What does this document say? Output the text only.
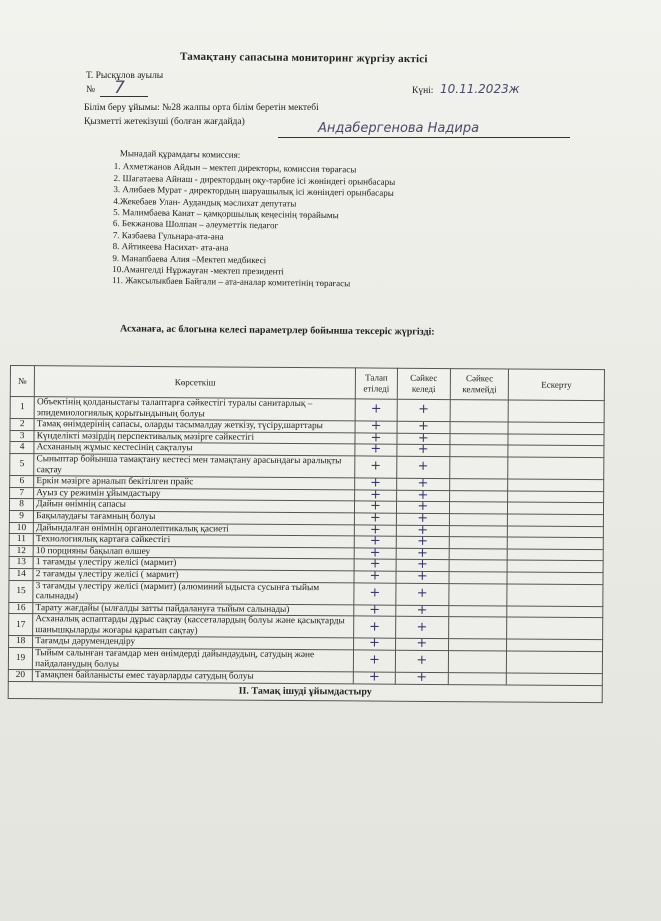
Тамақтану сапасына мониторинг жүргізу актісі
Т. Рысқұлов ауылы
№ 7	Күні: 10.11.2023ж
Білім беру ұйымы: №28 жалпы орта білім беретін мектебі
Қызметті жетекізуші (болған жағдайда)	Андабергенова Надира
Мынадай құрамдағы комиссия:
1. Ахметжанов Айдын – мектеп директоры, комиссия төрағасы
2. Шагатаева Айнаш - директордың оқу-тәрбие ісі жөніндегі орынбасары
3. Алибаев Мурат - директордың шаруашылық ісі жөніндегі орынбасары
4.Жекебаев Улан- Аудандық мәслихат депутаты
5. Малимбаева Канат – қамқоршылық кеңесінің төрайымы
6. Бекжанова Шолпан – әлеуметтік педагог
7. Казбаева Гульнара-ата-ана
8. Айтикеева Насихат- ата-ана
9. Манапбаева Алия –Мектеп медбикесі
10.Амангелді Нұржауған -мектеп президенті
11. Жаксылыкбаев Байгали – ата-аналар комитетінің төрағасы
Асханаға, ас блогына келесі параметрлер бойынша тексеріс жүргізді:
№	Көрсеткіш	Талап етіледі	Сәйкес келеді	Сәйкес келмейді	Ескерту
1	Объектінің қолданыстағы талаптарға сәйкестігі туралы санитарлық – эпидемиологиялық қорытындының болуы	+	+		
2	Тамақ өнімдерінің сапасы, оларды тасымалдау жеткізу, түсіру,шарттары	+	+		
3	Күнделікті мәзірдің перспективалық мәзірге сәйкестігі	+	+		
4	Асхананың жұмыс кестесінің сақталуы	+	+		
5	Сыныптар бойынша тамақтану кестесі мен тамақтану арасындағы аралықты сақтау	+	+		
6	Еркін мәзірге арналып бекітілген прайс	+	+		
7	Ауыз су режимін ұйымдастыру	+	+		
8	Дайын өнімнің сапасы	+	+		
9	Бақылаудағы тағамның болуы	+	+		
10	Дайындалған өнімнің органолептикалық қасиеті	+	+		
11	Технологиялық картаға сәйкестігі	+	+		
12	10 порцияны бақылап өлшеу	+	+		
13	1 тағамды үлестіру желісі (мармит)	+	+		
14	2 тағамды үлестіру желісі ( мармит)	+	+		
15	3 тағамды үлестіру желісі (мармит) (алюминий ыдыста сусынға тыйым салынады)	+	+		
16	Тарату жағдайы (ылғалды затты пайдалануға тыйым салынады)	+	+		
17	Асханалық аспаптарды дұрыс сақтау (кассеталардың болуы және қасықтарды шанышқыларды жоғары қаратып сақтау)	+	+		
18	Тағамды дәрумендендіру	+	+		
19	Тыйым салынған тағамдар мен өнімдерді дайындаудың, сатудың және пайдаланудың болуы	+	+		
20	Тамақпен байланысты емес тауарларды сатудың болуы	+	+		
II. Тамақ ішуді ұйымдастыру					
